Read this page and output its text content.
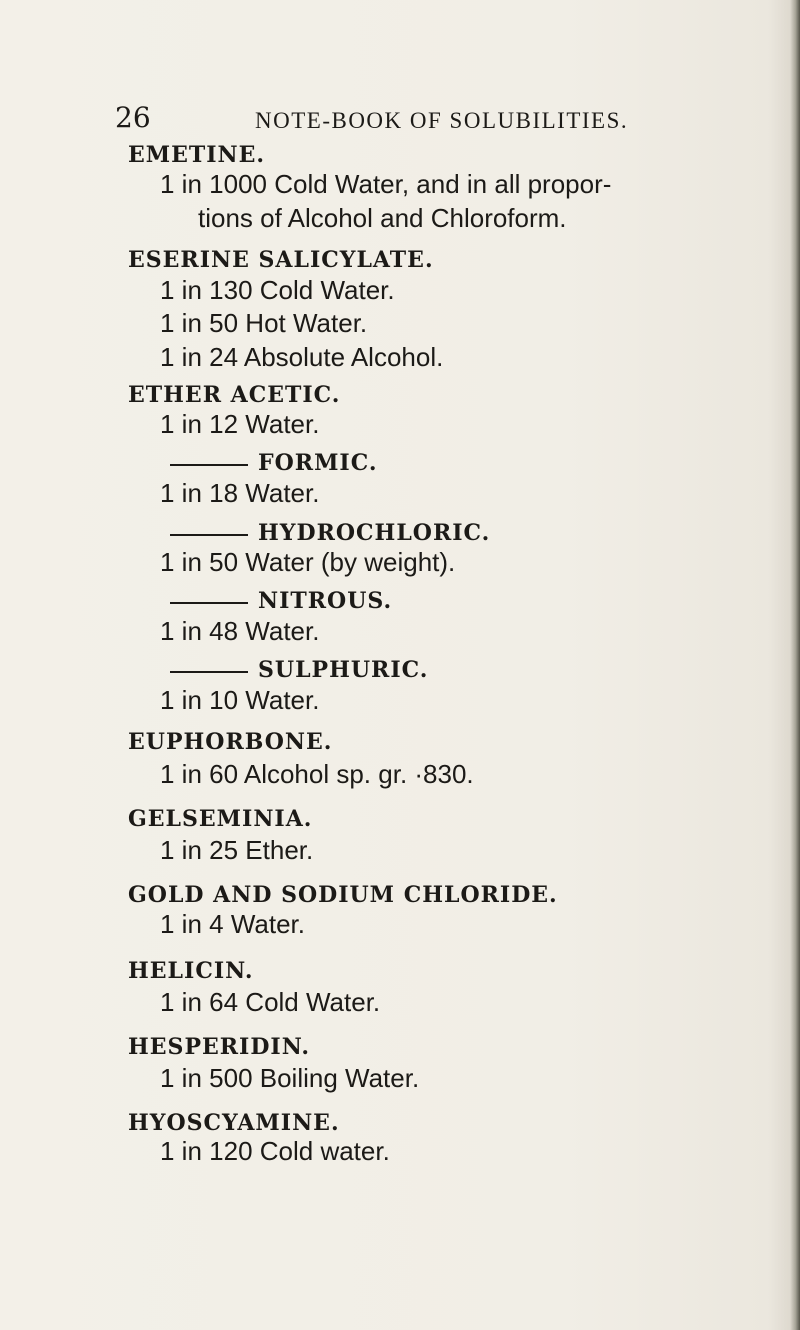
26	NOTE-BOOK OF SOLUBILITIES.
EMETINE.
1 in 1000 Cold Water, and in all propor-
tions of Alcohol and Chloroform.
ESERINE SALICYLATE.
1 in 130 Cold Water.
1 in 50 Hot Water.
1 in 24 Absolute Alcohol.
ETHER ACETIC.
1 in 12 Water.
FORMIC.
1 in 18 Water.
HYDROCHLORIC.
1 in 50 Water (by weight).
NITROUS.
1 in 48 Water.
SULPHURIC.
1 in 10 Water.
EUPHORBONE.
1 in 60 Alcohol sp. gr. ·830.
GELSEMINIA.
1 in 25 Ether.
GOLD AND SODIUM CHLORIDE.
1 in 4 Water.
HELICIN.
1 in 64 Cold Water.
HESPERIDIN.
1 in 500 Boiling Water.
HYOSCYAMINE.
1 in 120 Cold water.
